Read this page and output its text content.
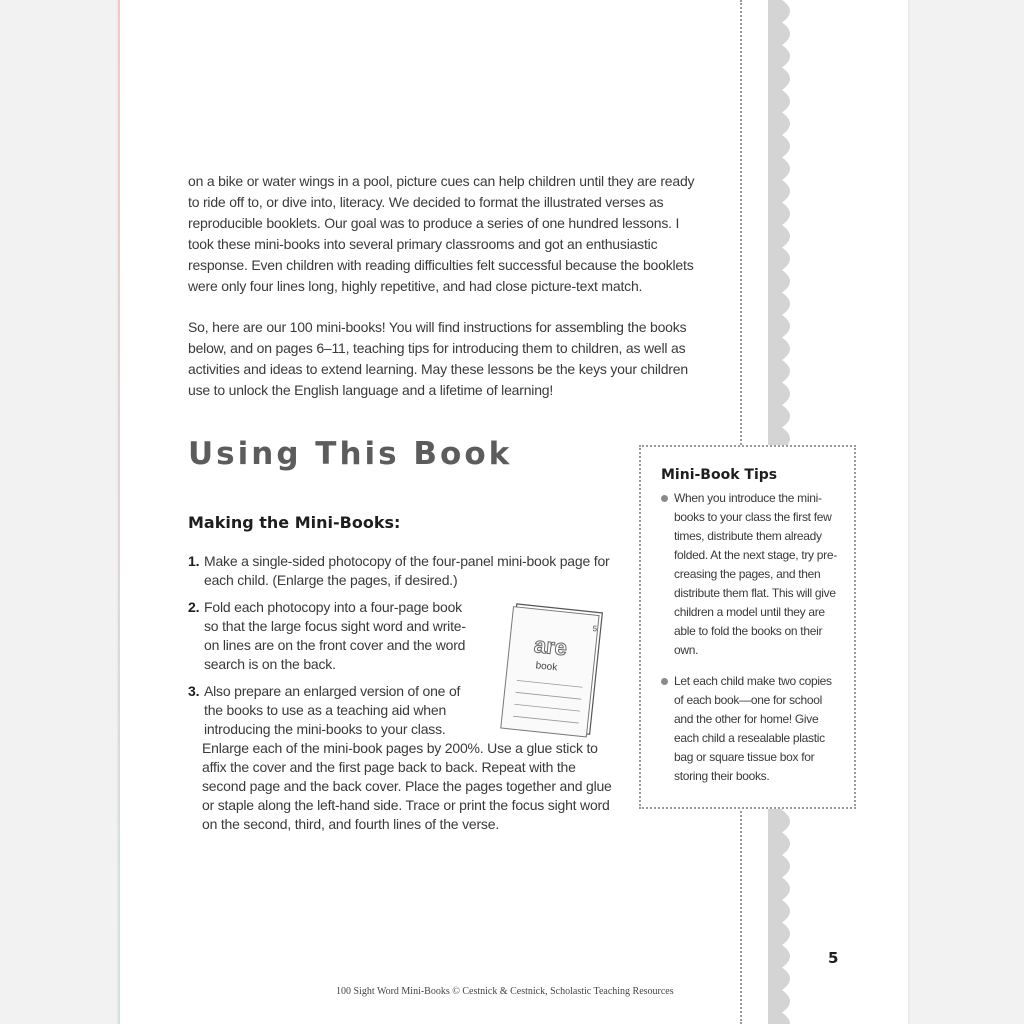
on a bike or water wings in a pool, picture cues can help children until they are ready to ride off to, or dive into, literacy. We decided to format the illustrated verses as reproducible booklets. Our goal was to produce a series of one hundred lessons. I took these mini-books into several primary classrooms and got an enthusiastic response. Even children with reading difficulties felt successful because the booklets were only four lines long, highly repetitive, and had close picture-text match.

So, here are our 100 mini-books! You will find instructions for assembling the books below, and on pages 6–11, teaching tips for introducing them to children, as well as activities and ideas to extend learning. May these lessons be the keys your children use to unlock the English language and a lifetime of learning!

Using This Book
Making the Mini-Books:
1. Make a single-sided photocopy of the four-panel mini-book page for each child. (Enlarge the pages, if desired.)
2. Fold each photocopy into a four-page book so that the large focus sight word and write-on lines are on the front cover and the word search is on the back.
3. Also prepare an enlarged version of one of the books to use as a teaching aid when introducing the mini-books to your class.
Enlarge each of the mini-book pages by 200%. Use a glue stick to affix the cover and the first page back to back. Repeat with the second page and the back cover. Place the pages together and glue or staple along the left-hand side. Trace or print the focus sight word on the second, third, and fourth lines of the verse.
5
are
book
Mini-Book Tips
When you introduce the mini-books to your class the first few times, distribute them already folded. At the next stage, try pre-creasing the pages, and then distribute them flat. This will give children a model until they are able to fold the books on their own.
Let each child make two copies of each book—one for school and the other for home! Give each child a resealable plastic bag or square tissue box for storing their books.
5
100 Sight Word Mini-Books © Cestnick & Cestnick, Scholastic Teaching Resources
